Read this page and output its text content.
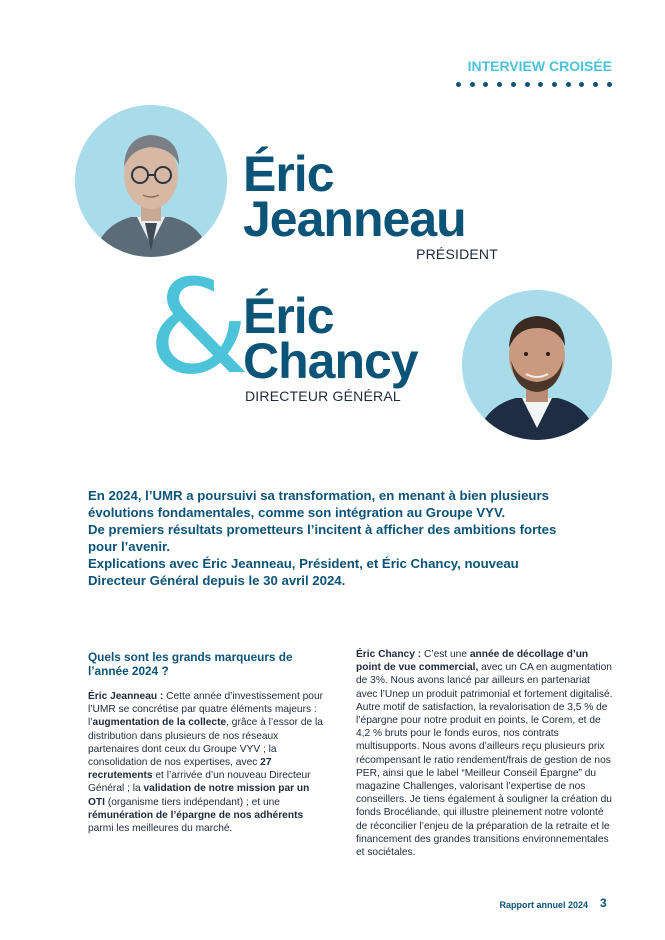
INTERVIEW CROISÉE
Éric
Jeanneau
PRÉSIDENT
&
Éric
Chancy
DIRECTEUR GÉNÉRAL

En 2024, l’UMR a poursuivi sa transformation, en menant à bien plusieurs évolutions fondamentales, comme son intégration au Groupe VYV.

De premiers résultats prometteurs l’incitent à afficher des ambitions fortes pour l’avenir.

Explications avec Éric Jeanneau, Président, et Éric Chancy, nouveau Directeur Général depuis le 30 avril 2024.

Quels sont les grands marqueurs de l’année 2024 ?

Éric Jeanneau : Cette année d’investissement pour l’UMR se concrétise par quatre éléments majeurs : l’augmentation de la collecte, grâce à l’essor de la distribution dans plusieurs de nos réseaux partenaires dont ceux du Groupe VYV ; la consolidation de nos expertises, avec 27 recrutements et l’arrivée d’un nouveau Directeur Général ; la validation de notre mission par un OTI (organisme tiers indépendant) ; et une rémunération de l’épargne de nos adhérents parmi les meilleures du marché.

Éric Chancy : C’est une année de décollage d’un point de vue commercial, avec un CA en augmentation de 3%. Nous avons lancé par ailleurs en partenariat avec l’Unep un produit patrimonial et fortement digitalisé. Autre motif de satisfaction, la revalorisation de 3,5 % de l’épargne pour notre produit en points, le Corem, et de 4,2 % bruts pour le fonds euros, nos contrats multisupports. Nous avons d’ailleurs reçu plusieurs prix récompensant le ratio rendement/frais de gestion de nos PER, ainsi que le label “Meilleur Conseil Épargne” du magazine Challenges, valorisant l’expertise de nos conseillers. Je tiens également à souligner la création du fonds Brocéliande, qui illustre pleinement notre volonté de réconcilier l’enjeu de la préparation de la retraite et le financement des grandes transitions environnementales et sociétales.

Rapport annuel 2024 3
